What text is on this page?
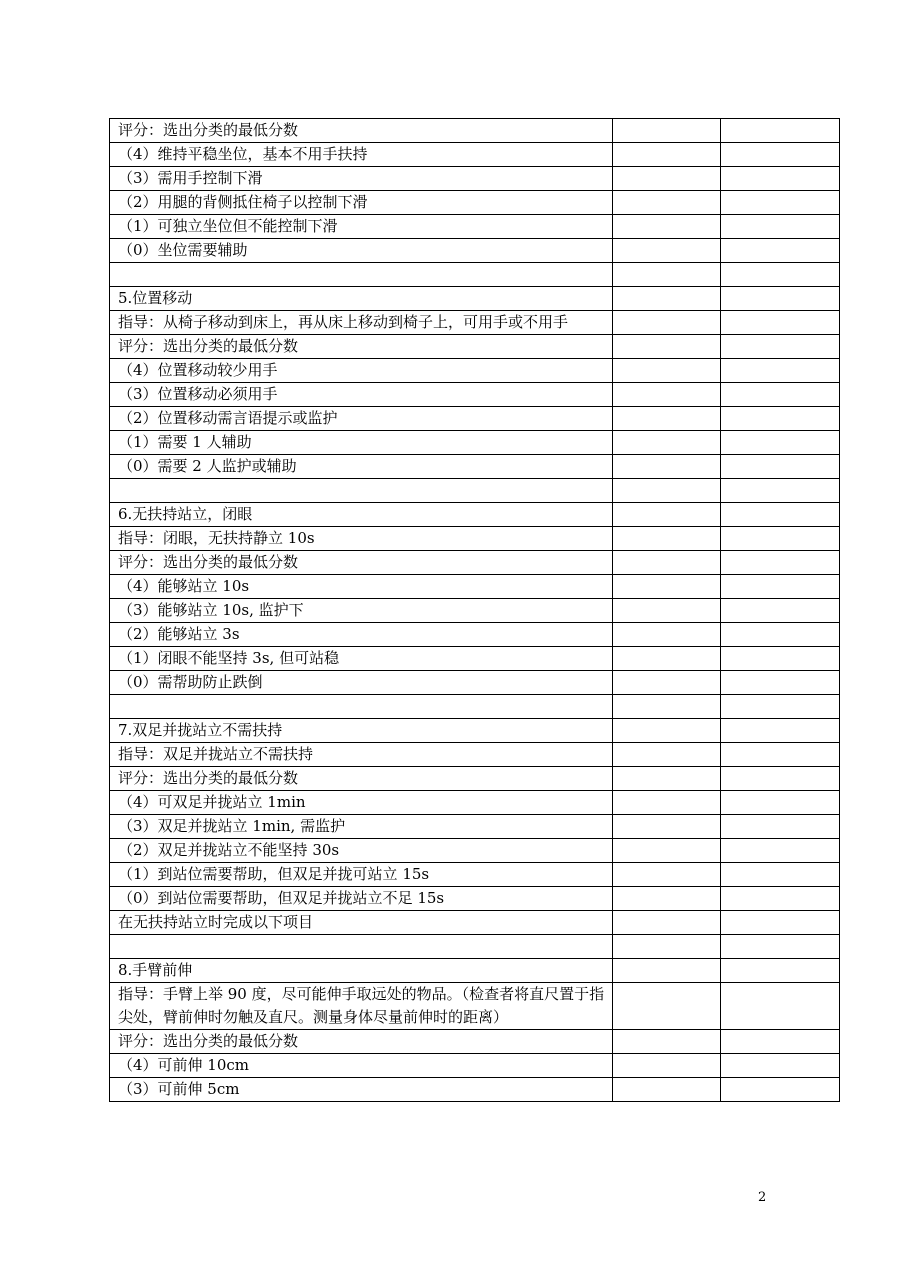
评分：选出分类的最低分数		
（4）维持平稳坐位，基本不用手扶持		
（3）需用手控制下滑		
（2）用腿的背侧抵住椅子以控制下滑		
（1）可独立坐位但不能控制下滑		
（0）坐位需要辅助		

5.位置移动		
指导：从椅子移动到床上，再从床上移动到椅子上，可用手或不用手		
评分：选出分类的最低分数		
（4）位置移动较少用手		
（3）位置移动必须用手		
（2）位置移动需言语提示或监护		
（1）需要 1 人辅助		
（0）需要 2 人监护或辅助		

6.无扶持站立，闭眼		
指导：闭眼，无扶持静立 10s		
评分：选出分类的最低分数		
（4）能够站立 10s		
（3）能够站立 10s, 监护下		
（2）能够站立 3s		
（1）闭眼不能坚持 3s, 但可站稳		
（0）需帮助防止跌倒		

7.双足并拢站立不需扶持		
指导：双足并拢站立不需扶持		
评分：选出分类的最低分数		
（4）可双足并拢站立 1min		
（3）双足并拢站立 1min, 需监护		
（2）双足并拢站立不能坚持 30s		
（1）到站位需要帮助，但双足并拢可站立 15s		
（0）到站位需要帮助，但双足并拢站立不足 15s		
在无扶持站立时完成以下项目		

8.手臂前伸		
指导：手臂上举 90 度，尽可能伸手取远处的物品。（检查者将直尺置于指尖处，臂前伸时勿触及直尺。测量身体尽量前伸时的距离）		
评分：选出分类的最低分数		
（4）可前伸 10cm		
（3）可前伸 5cm		
2
